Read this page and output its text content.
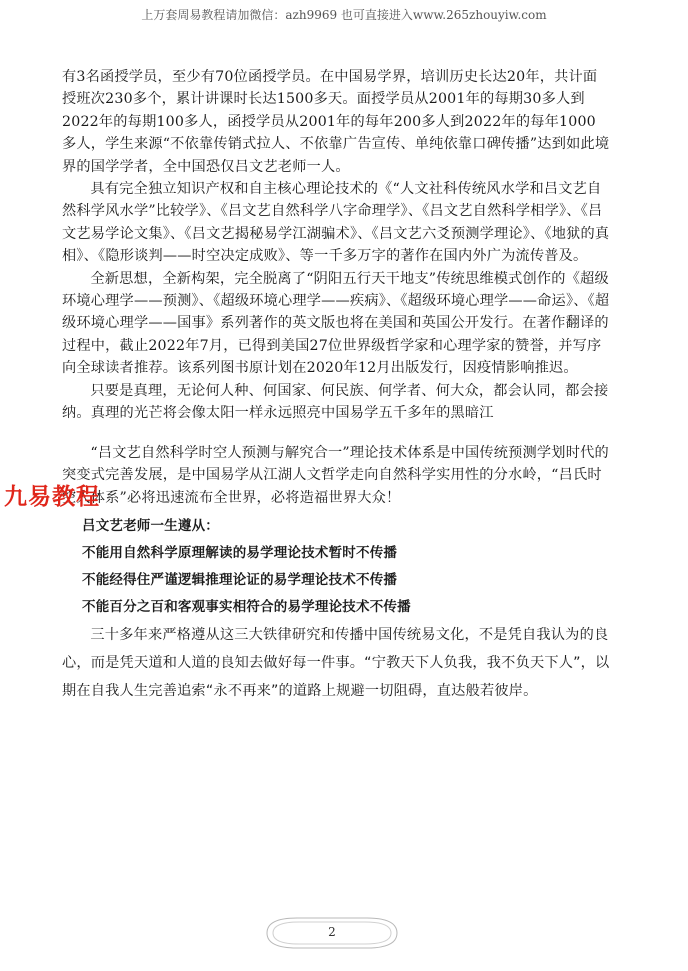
上万套周易教程请加微信：azh9969 也可直接进入www.265zhouyiw.com

有3名函授学员，至少有70位函授学员。在中国易学界，培训历史长达20年，共计面授班次230多个，累计讲课时长达1500多天。面授学员从2001年的每期30多人到2022年的每期100多人，函授学员从2001年的每年200多人到2022年的每年1000多人，学生来源“不依靠传销式拉人、不依靠广告宣传、单纯依靠口碑传播”达到如此境界的国学学者，全中国恐仅吕文艺老师一人。

具有完全独立知识产权和自主核心理论技术的《“人文社科传统风水学和吕文艺自然科学风水学”比较学》、《吕文艺自然科学八字命理学》、《吕文艺自然科学相学》、《吕文艺易学论文集》、《吕文艺揭秘易学江湖骗术》、《吕文艺六爻预测学理论》、《地狱的真相》、《隐形谈判——时空决定成败》、等一千多万字的著作在国内外广为流传普及。

全新思想，全新构架，完全脱离了“阴阳五行天干地支”传统思维模式创作的《超级环境心理学——预测》、《超级环境心理学——疾病》、《超级环境心理学——命运》、《超级环境心理学——国事》系列著作的英文版也将在美国和英国公开发行。在著作翻译的过程中，截止2022年7月，已得到美国27位世界级哲学家和心理学家的赞誉，并写序向全球读者推荐。该系列图书原计划在2020年12月出版发行，因疫情影响推迟。

只要是真理，无论何人种、何国家、何民族、何学者、何大众，都会认同，都会接纳。真理的光芒将会像太阳一样永远照亮中国易学五千多年的黑暗江

“吕文艺自然科学时空人预测与解究合一”理论技术体系是中国传统预测学划时代的突变式完善发展，是中国易学从江湖人文哲学走向自然科学实用性的分水岭，“吕氏时空人体系”必将迅速流布全世界，必将造福世界大众！

吕文艺老师一生遵从：
不能用自然科学原理解读的易学理论技术暂时不传播
不能经得住严谨逻辑推理论证的易学理论技术不传播
不能百分之百和客观事实相符合的易学理论技术不传播

三十多年来严格遵从这三大铁律研究和传播中国传统易文化，不是凭自我认为的良心，而是凭天道和人道的良知去做好每一件事。“宁教天下人负我，我不负天下人”，以期在自我人生完善追索“永不再来”的道路上规避一切阻碍，直达般若彼岸。

九易教程
2
